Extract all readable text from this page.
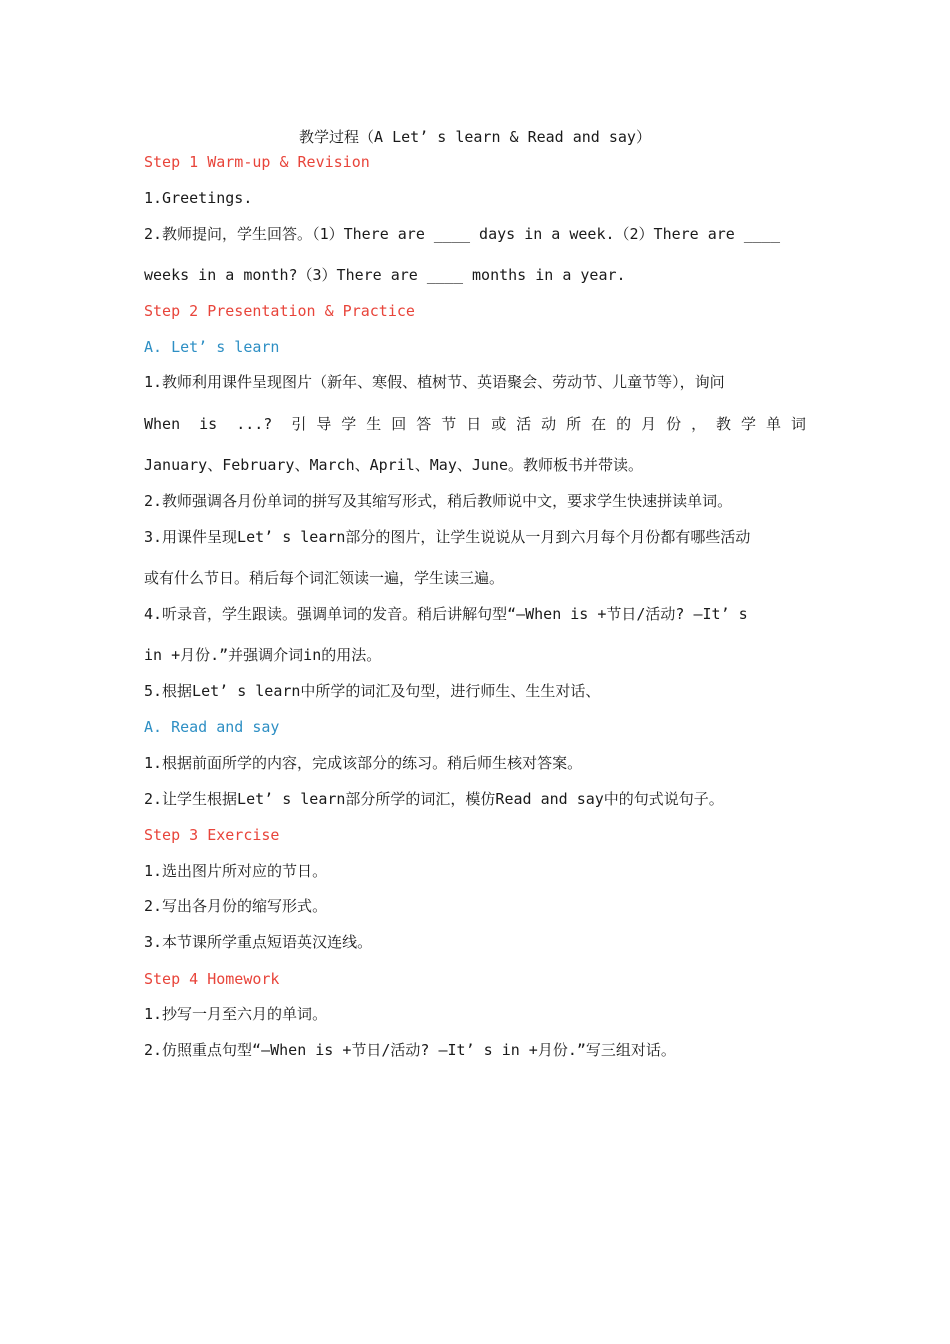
教学过程（A Let’ s learn & Read and say）
Step 1 Warm-up & Revision
1.Greetings.
2.教师提问，学生回答。（1）There are ____ days in a week.（2）There are ____
weeks in a month?（3）There are ____ months in a year.
Step 2 Presentation & Practice
A. Let’ s learn
1.教师利用课件呈现图片（新年、寒假、植树节、英语聚会、劳动节、儿童节等），询问
When is ...? 引导学生回答节日或活动所在的月份，教学单词
January、February、March、April、May、June。教师板书并带读。
2.教师强调各月份单词的拼写及其缩写形式，稍后教师说中文，要求学生快速拼读单词。
3.用课件呈现Let’ s learn部分的图片，让学生说说从一月到六月每个月份都有哪些活动
或有什么节日。稍后每个词汇领读一遍，学生读三遍。
4.听录音，学生跟读。强调单词的发音。稍后讲解句型“—When is +节日/活动? —It’ s
in +月份.”并强调介词in的用法。
5.根据Let’ s learn中所学的词汇及句型，进行师生、生生对话、
A. Read and say
1.根据前面所学的内容，完成该部分的练习。稍后师生核对答案。
2.让学生根据Let’ s learn部分所学的词汇，模仿Read and say中的句式说句子。
Step 3 Exercise
1.选出图片所对应的节日。
2.写出各月份的缩写形式。
3.本节课所学重点短语英汉连线。
Step 4 Homework
1.抄写一月至六月的单词。
2.仿照重点句型“—When is +节日/活动? —It’ s in +月份.”写三组对话。
